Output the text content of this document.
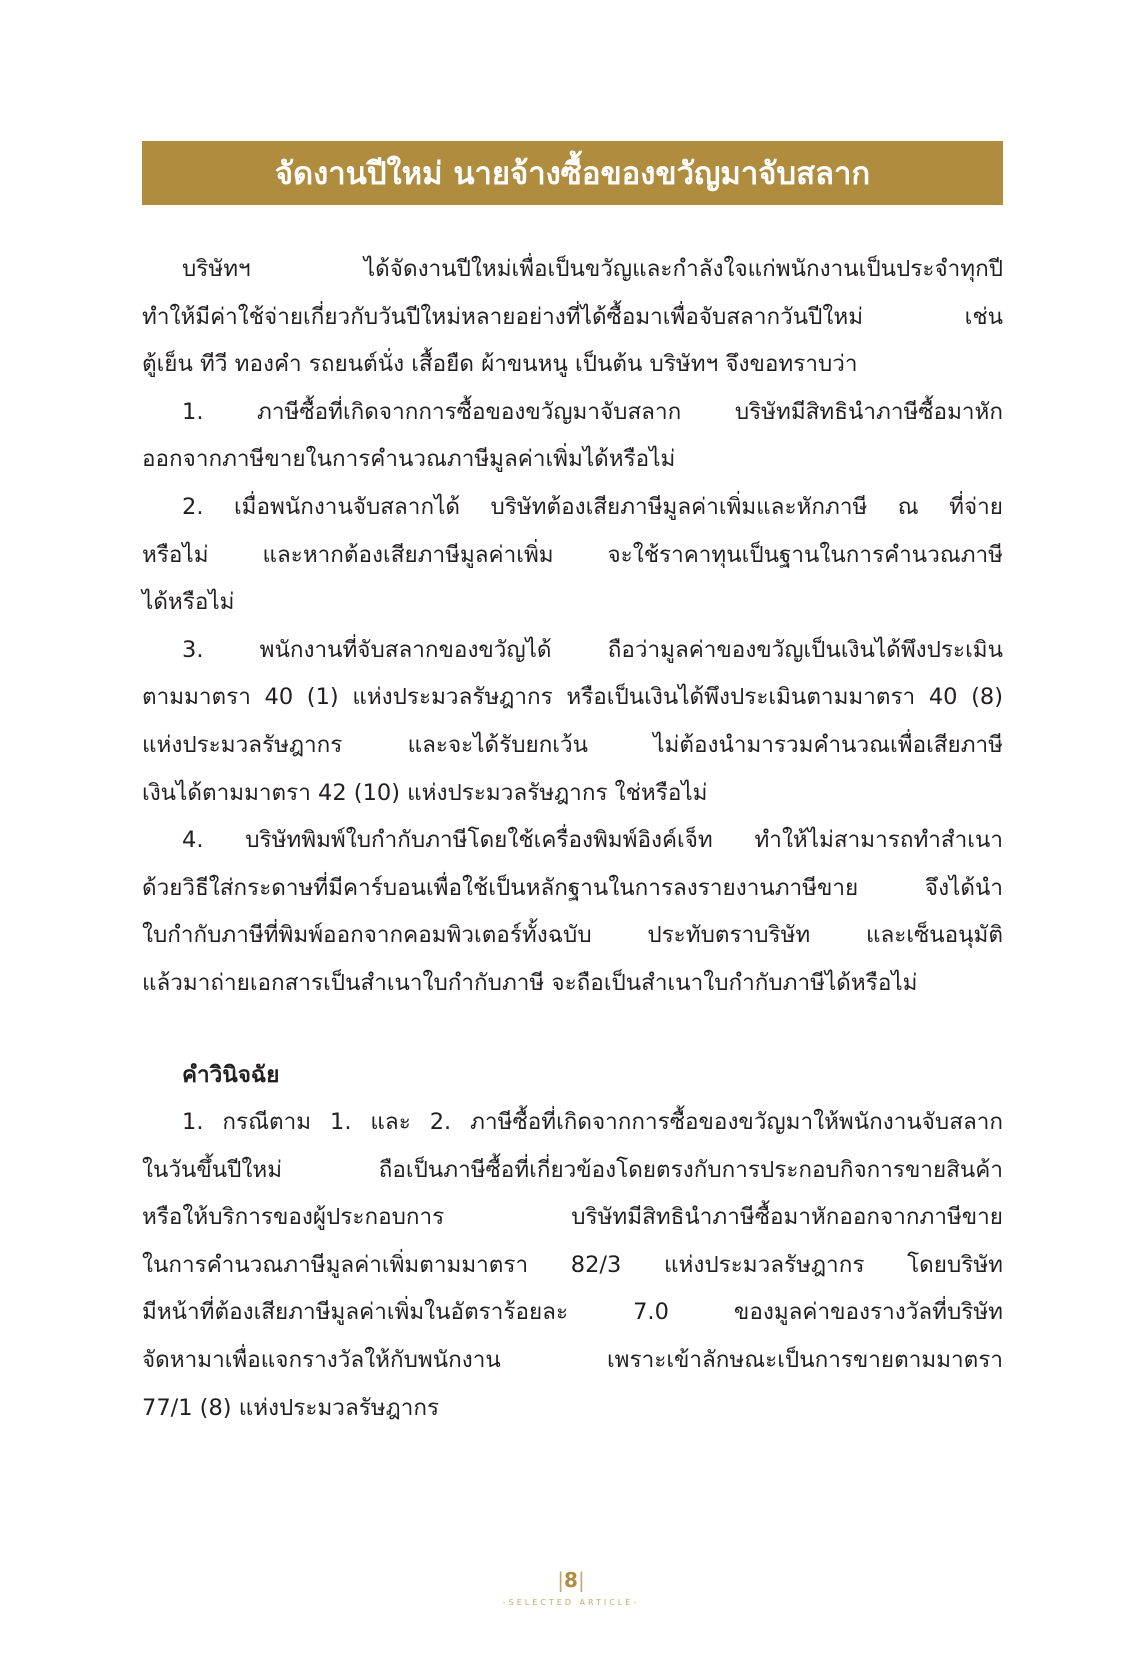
จัดงานปีใหม่ นายจ้างซื้อของขวัญมาจับสลาก
บริษัทฯ ได้จัดงานปีใหม่เพื่อเป็นขวัญและกำลังใจแก่พนักงานเป็นประจำทุกปี
ทำให้มีค่าใช้จ่ายเกี่ยวกับวันปีใหม่หลายอย่างที่ได้ซื้อมาเพื่อจับสลากวันปีใหม่ เช่น
ตู้เย็น ทีวี ทองคำ รถยนต์นั่ง เสื้อยืด ผ้าขนหนู เป็นต้น บริษัทฯ จึงขอทราบว่า
1. ภาษีซื้อที่เกิดจากการซื้อของขวัญมาจับสลาก บริษัทมีสิทธินำภาษีซื้อมาหัก
ออกจากภาษีขายในการคำนวณภาษีมูลค่าเพิ่มได้หรือไม่
2. เมื่อพนักงานจับสลากได้ บริษัทต้องเสียภาษีมูลค่าเพิ่มและหักภาษี ณ ที่จ่าย
หรือไม่ และหากต้องเสียภาษีมูลค่าเพิ่ม จะใช้ราคาทุนเป็นฐานในการคำนวณภาษี
ได้หรือไม่
3. พนักงานที่จับสลากของขวัญได้ ถือว่ามูลค่าของขวัญเป็นเงินได้พึงประเมิน
ตามมาตรา 40 (1) แห่งประมวลรัษฎากร หรือเป็นเงินได้พึงประเมินตามมาตรา 40 (8)
แห่งประมวลรัษฎากร และจะได้รับยกเว้น ไม่ต้องนำมารวมคำนวณเพื่อเสียภาษี
เงินได้ตามมาตรา 42 (10) แห่งประมวลรัษฎากร ใช่หรือไม่
4. บริษัทพิมพ์ใบกำกับภาษีโดยใช้เครื่องพิมพ์อิงค์เจ็ท ทำให้ไม่สามารถทำสำเนา
ด้วยวิธีใส่กระดาษที่มีคาร์บอนเพื่อใช้เป็นหลักฐานในการลงรายงานภาษีขาย จึงได้นำ
ใบกำกับภาษีที่พิมพ์ออกจากคอมพิวเตอร์ทั้งฉบับ ประทับตราบริษัท และเซ็นอนุมัติ
แล้วมาถ่ายเอกสารเป็นสำเนาใบกำกับภาษี จะถือเป็นสำเนาใบกำกับภาษีได้หรือไม่
คำวินิจฉัย
1. กรณีตาม 1. และ 2. ภาษีซื้อที่เกิดจากการซื้อของขวัญมาให้พนักงานจับสลาก
ในวันขึ้นปีใหม่ ถือเป็นภาษีซื้อที่เกี่ยวข้องโดยตรงกับการประกอบกิจการขายสินค้า
หรือให้บริการของผู้ประกอบการ บริษัทมีสิทธินำภาษีซื้อมาหักออกจากภาษีขาย
ในการคำนวณภาษีมูลค่าเพิ่มตามมาตรา 82/3 แห่งประมวลรัษฎากร โดยบริษัท
มีหน้าที่ต้องเสียภาษีมูลค่าเพิ่มในอัตราร้อยละ 7.0 ของมูลค่าของรางวัลที่บริษัท
จัดหามาเพื่อแจกรางวัลให้กับพนักงาน เพราะเข้าลักษณะเป็นการขายตามมาตรา
77/1 (8) แห่งประมวลรัษฎากร
|8|
-SELECTED ARTICLE-
